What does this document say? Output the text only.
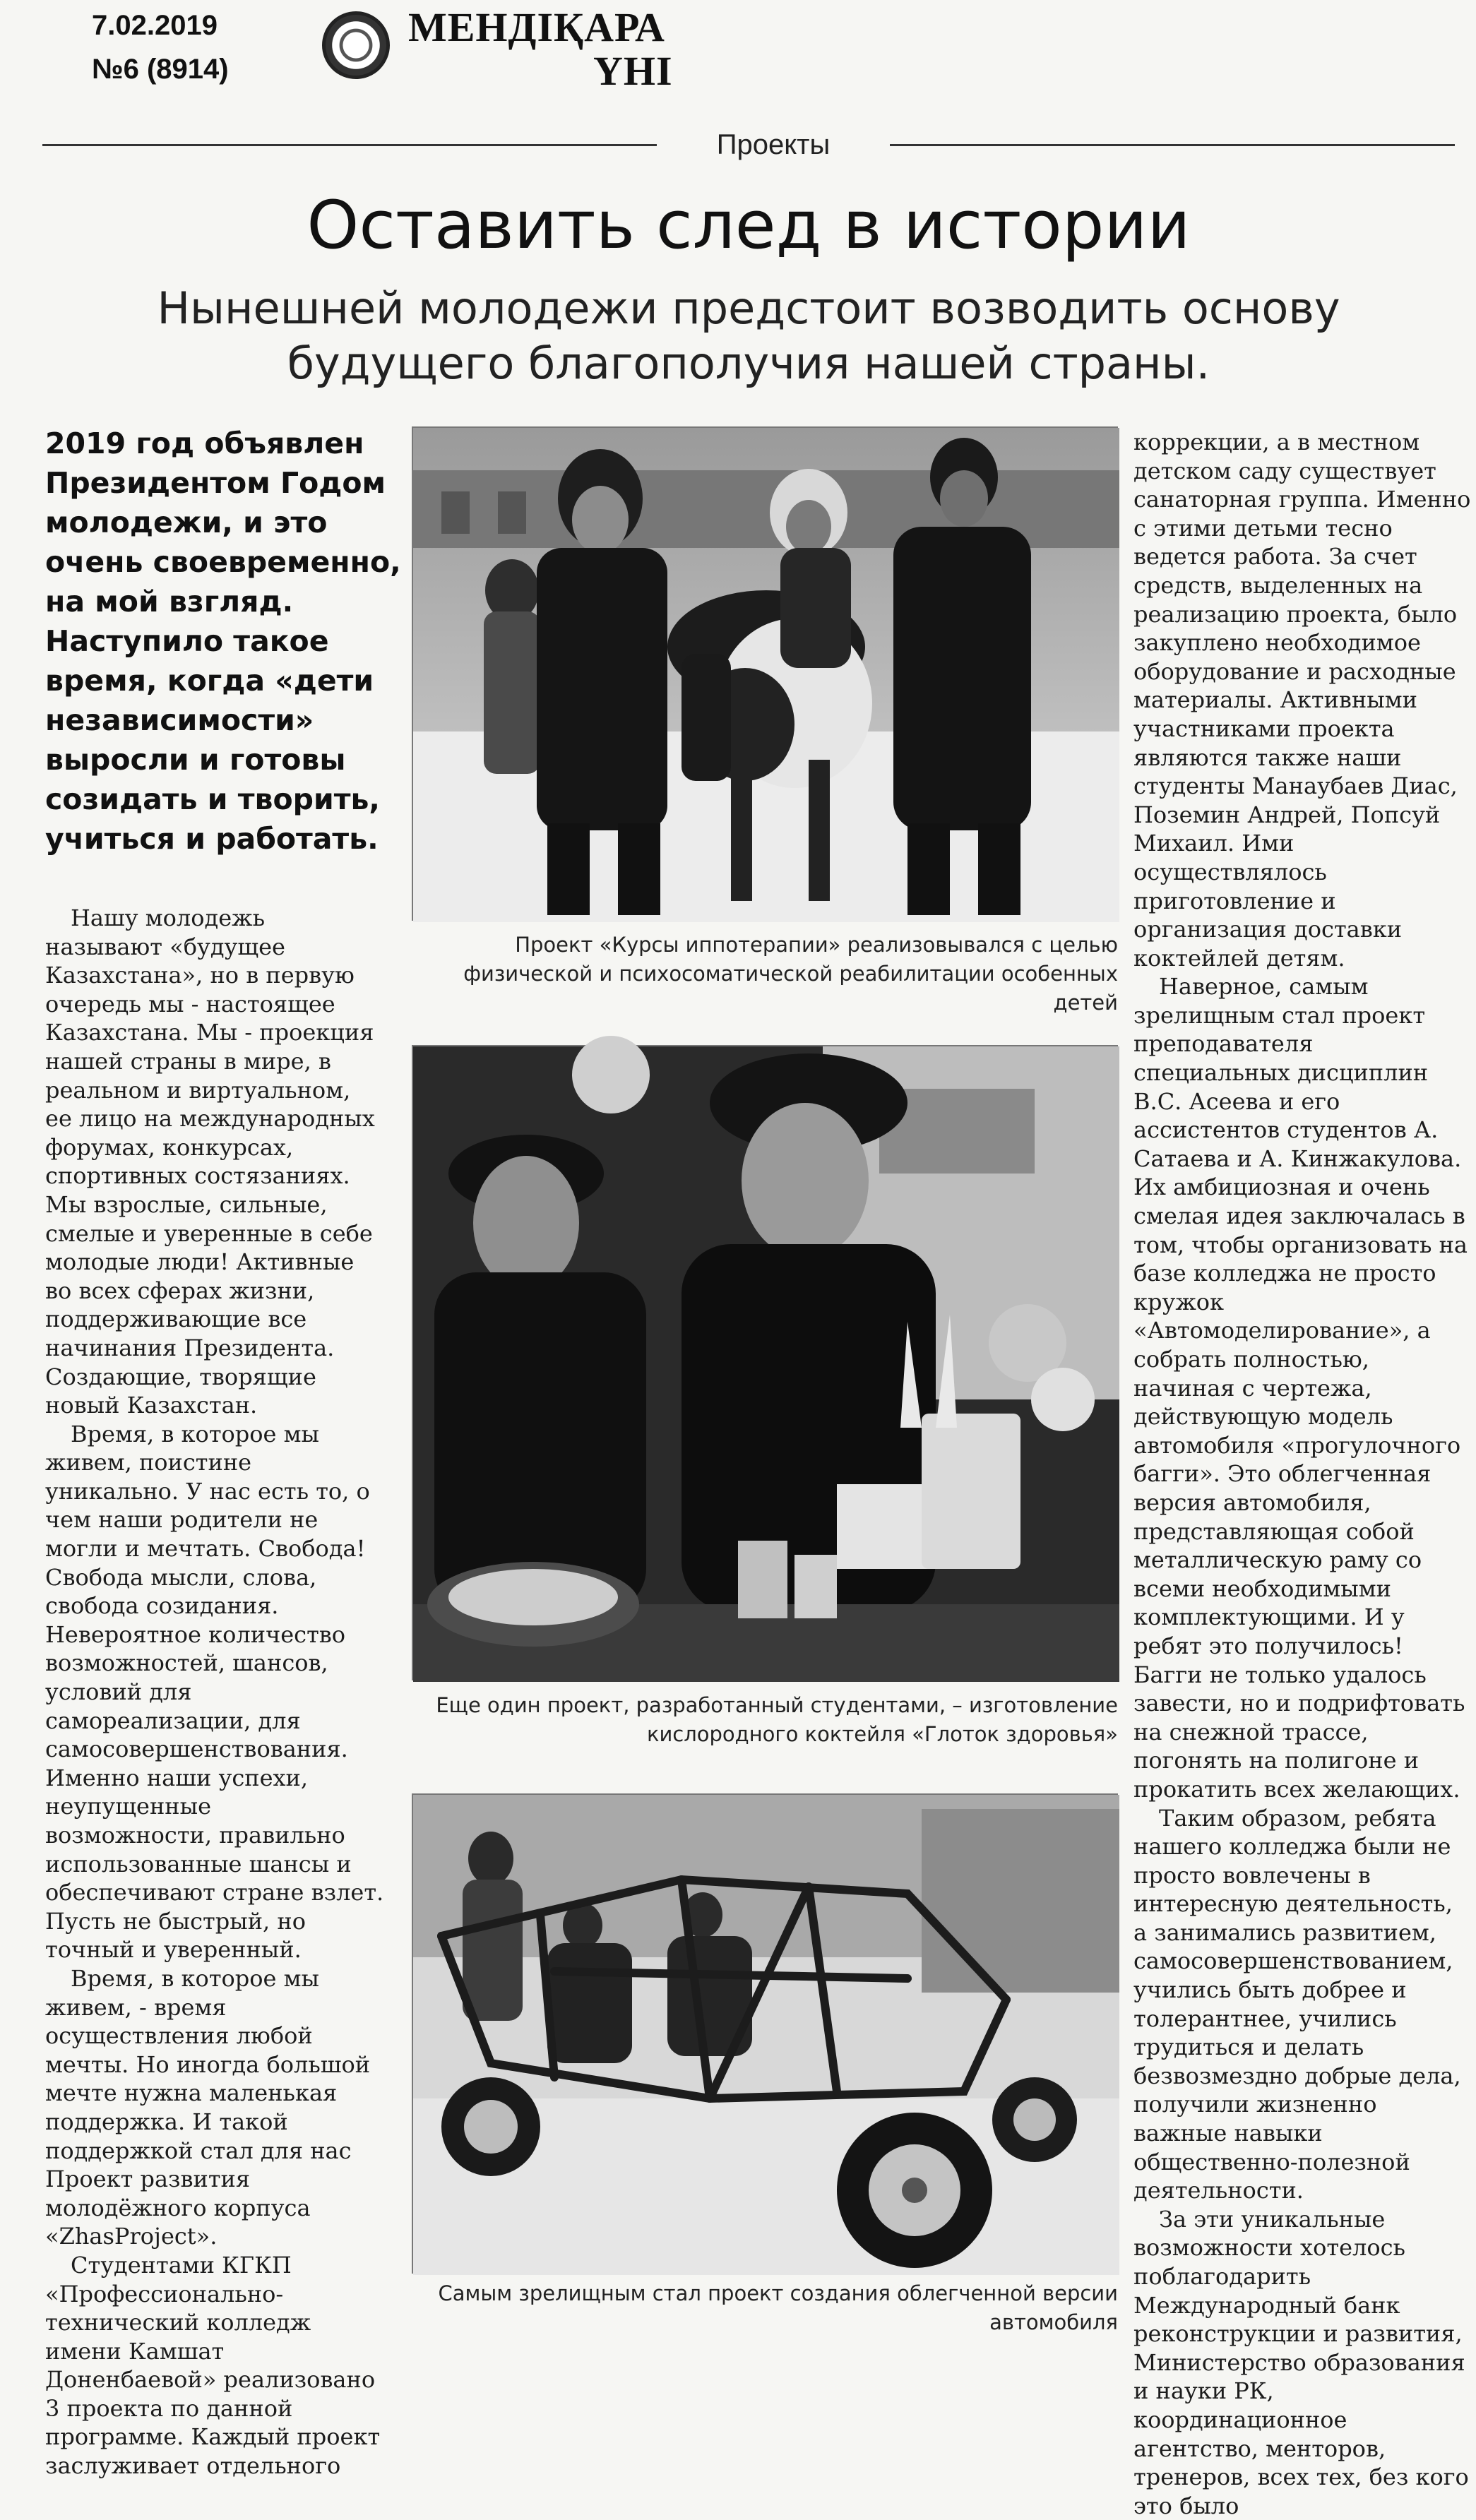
7.02.2019
№6 (8914)
МЕНДІҚАРА
ҮНІ
Проекты
Оставить след в истории
Нынешней молодежи предстоит возводить основу будущего благополучия нашей страны.
2019 год объявлен Президентом Годом молодежи, и это очень своевременно, на мой взгляд. Наступило такое время, когда «дети независимости» выросли и готовы созидать и творить, учиться и работать.

Нашу молодежь называют «будущее Казахстана», но в первую очередь мы - настоящее Казахстана. Мы - проекция нашей страны в мире, в реальном и виртуальном, ее лицо на международных форумах, конкурсах, спортивных состязаниях. Мы взрослые, сильные, смелые и уверенные в себе молодые люди! Активные во всех сферах жизни, поддерживающие все начинания Президента. Создающие, творящие новый Казахстан.

Время, в которое мы живем, поистине уникально. У нас есть то, о чем наши родители не могли и мечтать. Свобода! Свобода мысли, слова, свобода созидания. Невероятное количество возможностей, шансов, условий для самореализации, для самосовершенствования. Именно наши успехи, неупущенные возможности, правильно использованные шансы и обеспечивают стране взлет. Пусть не быстрый, но точный и уверенный.

Время, в которое мы живем, - время осуществления любой мечты. Но иногда большой мечте нужна маленькая поддержка. И такой поддержкой стал для нас Проект развития молодёжного корпуса «ZhasProject».

Студентами КГКП «Профессионально-технический колледж имени Камшат Доненбаевой» реализовано 3 проекта по данной программе. Каждый проект заслуживает отдельного

Проект «Курсы иппотерапии» реализовывался с целью физической и психосоматической реабилитации особенных детей
Еще один проект, разработанный студентами, – изготовление кислородного коктейля «Глоток здоровья»
Самым зрелищным стал проект создания облегченной версии автомобиля

коррекции, а в местном детском саду существует санаторная группа. Именно с этими детьми тесно ведется работа. За счет средств, выделенных на реализацию проекта, было закуплено необходимое оборудование и расходные материалы. Активными участниками проекта являются также наши студенты Манаубаев Диас, Поземин Андрей, Попсуй Михаил. Ими осуществлялось приготовление и организация доставки коктейлей детям.

Наверное, самым зрелищным стал проект преподавателя специальных дисциплин В.С. Асеева и его ассистентов студентов А. Сатаева и А. Кинжакулова. Их амбициозная и очень смелая идея заключалась в том, чтобы организовать на базе колледжа не просто кружок «Автомоделирование», а собрать полностью, начиная с чертежа, действующую модель автомобиля «прогулочного багги». Это облегченная версия автомобиля, представляющая собой металлическую раму со всеми необходимыми комплектующими. И у ребят это получилось! Багги не только удалось завести, но и подрифтовать на снежной трассе, погонять на полигоне и прокатить всех желающих.

Таким образом, ребята нашего колледжа были не просто вовлечены в интересную деятельность, а занимались развитием, самосовершенствованием, учились быть добрее и толерантнее, учились трудиться и делать безвозмездно добрые дела, получили жизненно важные навыки общественно-полезной деятельности.

За эти уникальные возможности хотелось поблагодарить Международный банк реконструкции и развития, Министерство образования и науки РК, координационное агентство, менторов, тренеров, всех тех, без кого это было
